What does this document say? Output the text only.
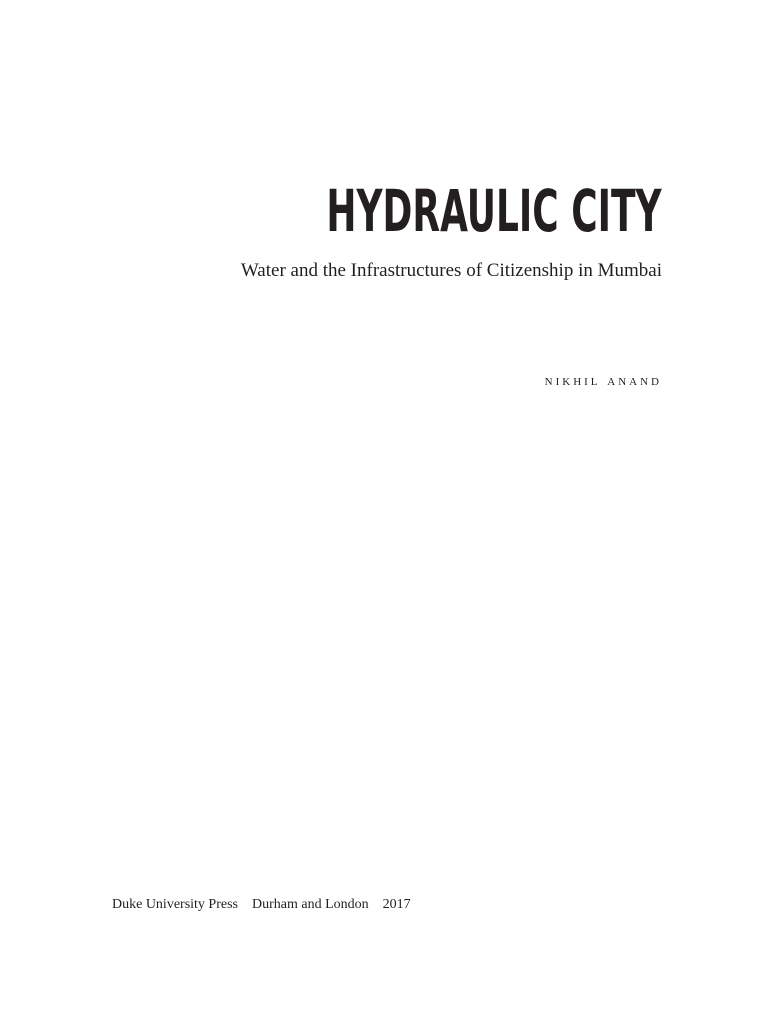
HYDRAULIC CITY

Water and the Infrastructures of Citizenship in Mumbai

nikhil anand

Duke University Press Durham and London 2017
